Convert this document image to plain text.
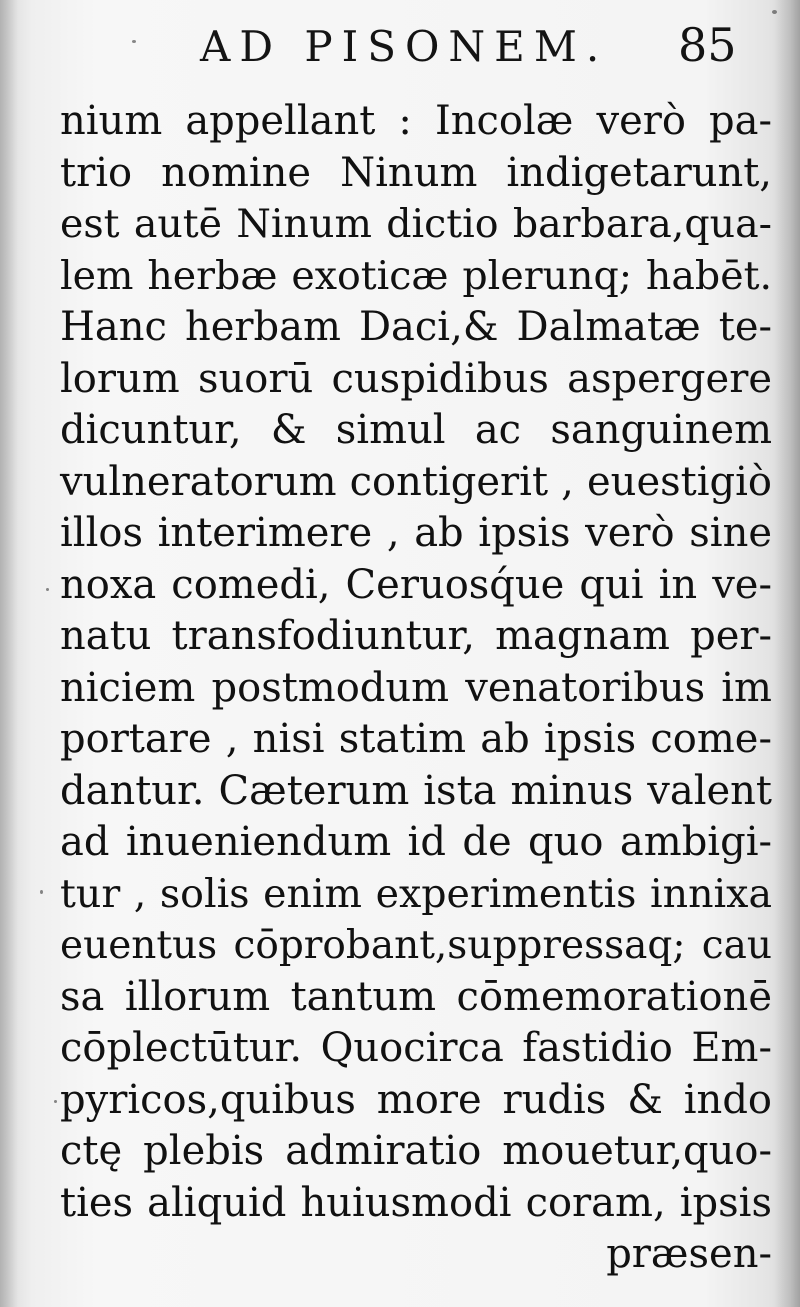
AD PISONEM. 85
nium appellant : Incolæ verò pa-
trio nomine Ninum indigetarunt,
est autē Ninum dictio barbara,qua-
lem herbæ exoticæ plerunq; habēt.
Hanc herbam Daci,& Dalmatæ te-
lorum suorū cuspidibus aspergere
dicuntur, & simul ac sanguinem
vulneratorum contigerit , euestigiò
illos interimere , ab ipsis verò sine
noxa comedi, Ceruosq́ue qui in ve-
natu transfodiuntur, magnam per-
niciem postmodum venatoribus im
portare , nisi statim ab ipsis come-
dantur. Cæterum ista minus valent
ad inueniendum id de quo ambigi-
tur , solis enim experimentis innixa
euentus cōprobant,suppressaq; cau
sa illorum tantum cōmemorationē
cōplectūtur. Quocirca fastidio Em-
pyricos,quibus more rudis & indo
ctę plebis admiratio mouetur,quo-
ties aliquid huiusmodi coram, ipsis
præsen-
